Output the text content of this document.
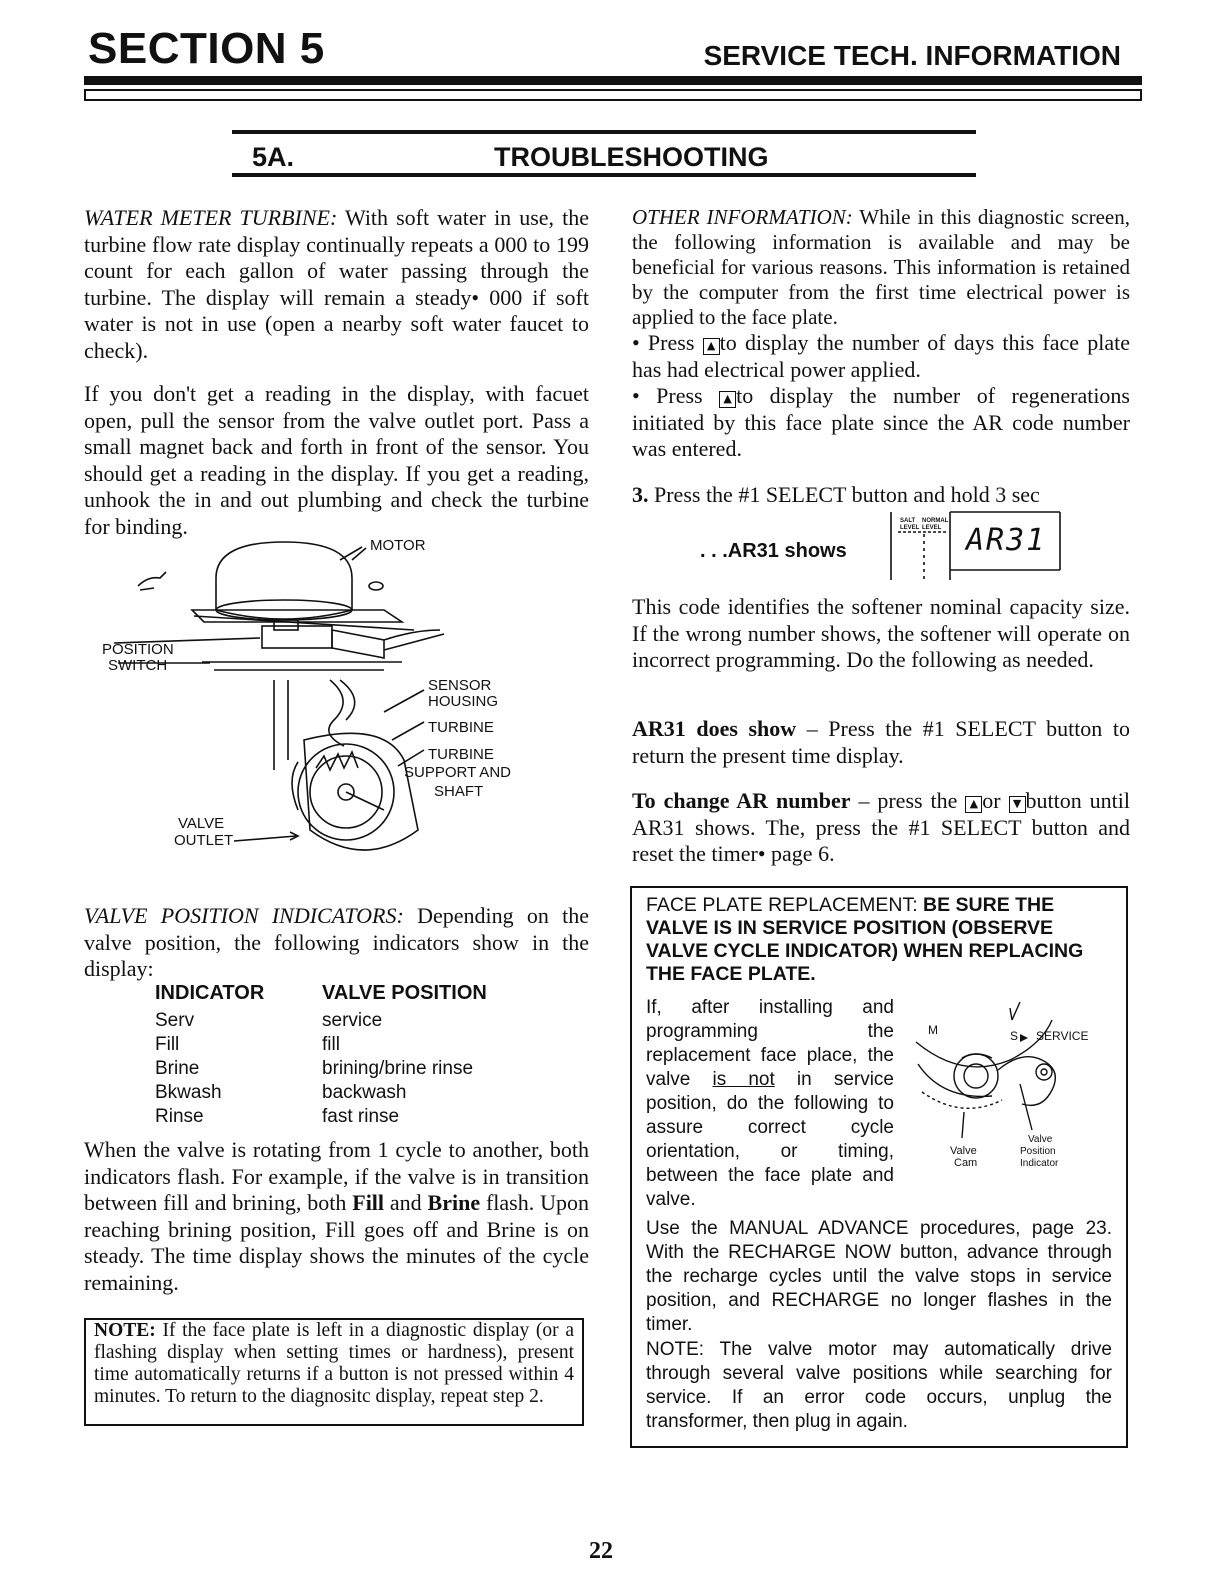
SECTION 5	SERVICE TECH. INFORMATION
5A.	TROUBLESHOOTING

WATER METER TURBINE: With soft water in use, the turbine flow rate display continually repeats a 000 to 199 count for each gallon of water passing through the turbine. The display will remain a steady• 000 if soft water is not in use (open a nearby soft water faucet to check).

If you don't get a reading in the display, with facuet open, pull the sensor from the valve outlet port. Pass a small magnet back and forth in front of the sensor. You should get a reading in the display. If you get a reading, unhook the in and out plumbing and check the turbine for binding.

MOTOR
POSITION
SWITCH
SENSOR
HOUSING
TURBINE
TURBINE
SUPPORT AND
SHAFT
VALVE
OUTLET

VALVE POSITION INDICATORS: Depending on the valve position, the following indicators show in the display:

INDICATOR	VALVE POSITION
Serv	service
Fill	fill
Brine	brining/brine rinse
Bkwash	backwash
Rinse	fast rinse

When the valve is rotating from 1 cycle to another, both indicators flash. For example, if the valve is in transition between fill and brining, both Fill and Brine flash. Upon reaching brining position, Fill goes off and Brine is on steady. The time display shows the minutes of the cycle remaining.

NOTE: If the face plate is left in a diagnostic display (or a flashing display when setting times or hardness), present time automatically returns if a button is not pressed within 4 minutes. To return to the diagnositc display, repeat step 2.

OTHER INFORMATION: While in this diagnostic screen, the following information is available and may be beneficial for various reasons. This information is retained by the computer from the first time electrical power is applied to the face plate.

• Press ▲ to display the number of days this face plate has had electrical power applied.

• Press ▲ to display the number of regenerations initiated by this face plate since the AR code number was entered.

3. Press the #1 SELECT button and hold 3 sec

. . .AR31 shows
SALT
LEVEL
NORMAL
LEVEL AR31

This code identifies the softener nominal capacity size. If the wrong number shows, the softener will operate on incorrect programming. Do the following as needed.

AR31 does show – Press the #1 SELECT button to return the present time display.

To change AR number – press the ▲ or ▼ button until AR31 shows. The, press the #1 SELECT button and reset the timer• page 6.

FACE PLATE REPLACEMENT: BE SURE THE VALVE IS IN SERVICE POSITION (OBSERVE VALVE CYCLE INDICATOR) WHEN REPLACING THE FACE PLATE.
If, after installing and programming the replacement face place, the valve is not in service position, do the following to assure correct cycle orientation, or timing, between the face plate and valve.
M	S SERVICE
Valve
Cam
Valve
Position
Indicator
Use the MANUAL ADVANCE procedures, page 23. With the RECHARGE NOW button, advance through the recharge cycles until the valve stops in service position, and RECHARGE no longer flashes in the timer.
NOTE: The valve motor may automatically drive through several valve positions while searching for service. If an error code occurs, unplug the transformer, then plug in again.
22
